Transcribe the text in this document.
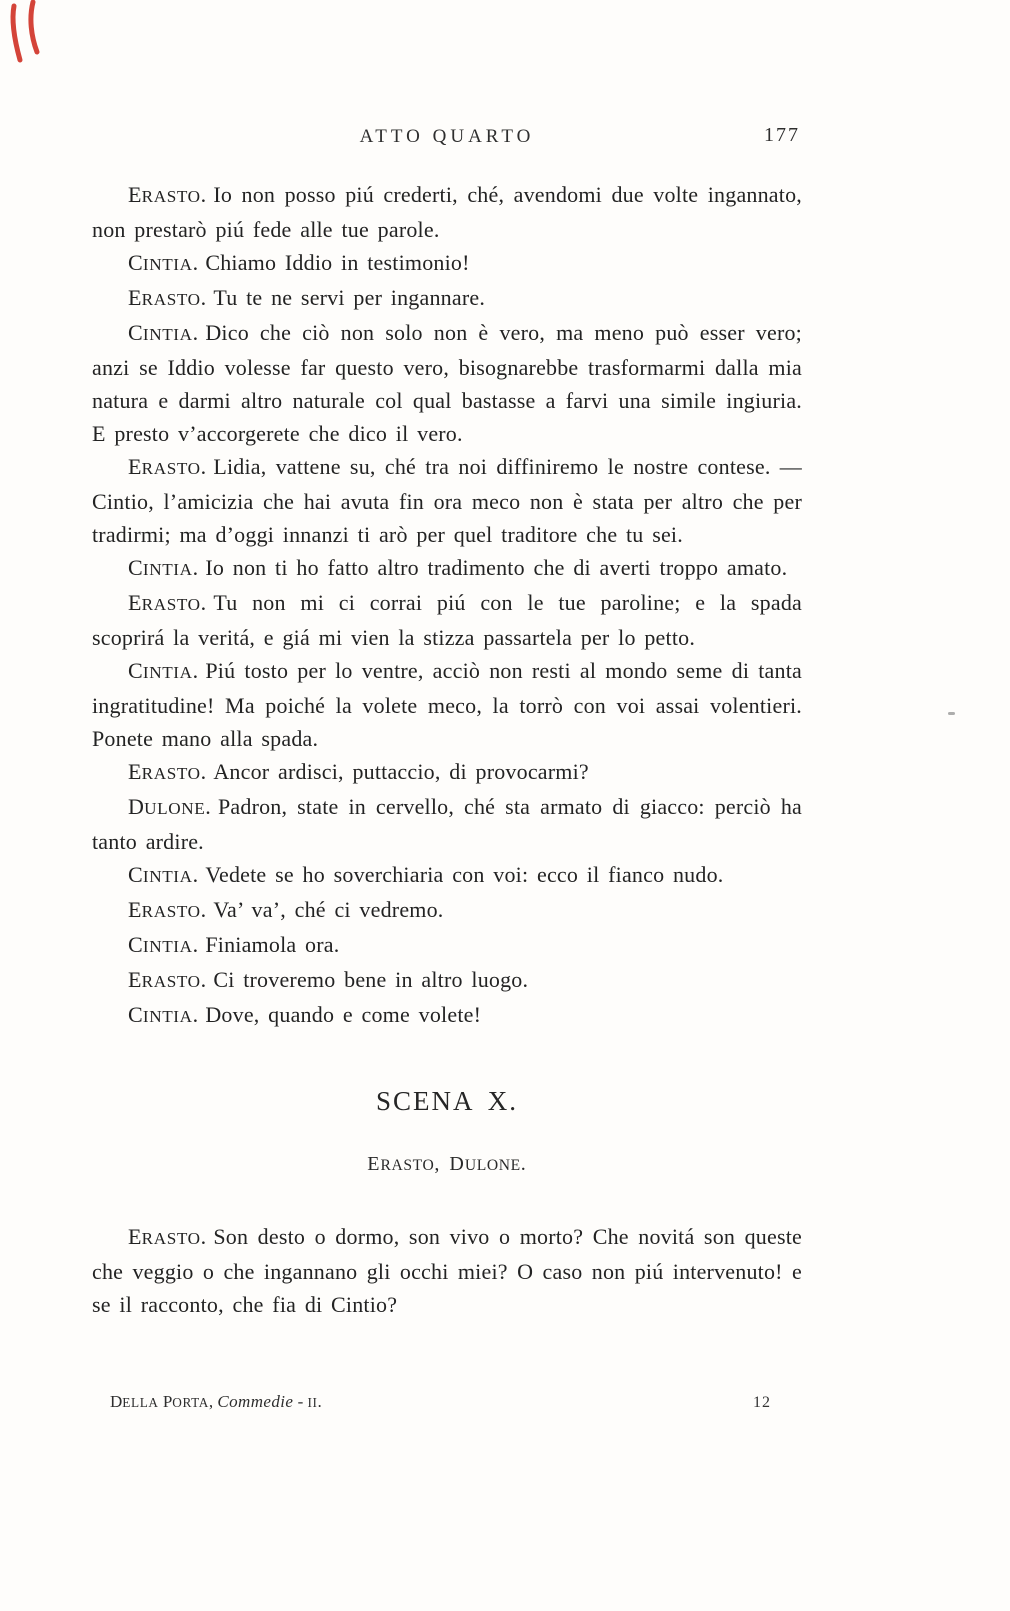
ATTO QUARTO	177

ERASTO. Io non posso piú crederti, ché, avendomi due volte ingannato, non prestarò piú fede alle tue parole.

CINTIA. Chiamo Iddio in testimonio!

ERASTO. Tu te ne servi per ingannare.

CINTIA. Dico che ciò non solo non è vero, ma meno può esser vero; anzi se Iddio volesse far questo vero, bisognarebbe trasformarmi dalla mia natura e darmi altro naturale col qual bastasse a farvi una simile ingiuria. E presto v’accorgerete che dico il vero.

ERASTO. Lidia, vattene su, ché tra noi diffiniremo le nostre contese. — Cintio, l’amicizia che hai avuta fin ora meco non è stata per altro che per tradirmi; ma d’oggi innanzi ti arò per quel traditore che tu sei.

CINTIA. Io non ti ho fatto altro tradimento che di averti troppo amato.

ERASTO. Tu non mi ci corrai piú con le tue paroline; e la spada scoprirá la veritá, e giá mi vien la stizza passartela per lo petto.

CINTIA. Piú tosto per lo ventre, acciò non resti al mondo seme di tanta ingratitudine! Ma poiché la volete meco, la torrò con voi assai volentieri. Ponete mano alla spada.

ERASTO. Ancor ardisci, puttaccio, di provocarmi?

DULONE. Padron, state in cervello, ché sta armato di giacco: perciò ha tanto ardire.

CINTIA. Vedete se ho soverchiaria con voi: ecco il fianco nudo.

ERASTO. Va’ va’, ché ci vedremo.

CINTIA. Finiamola ora.

ERASTO. Ci troveremo bene in altro luogo.

CINTIA. Dove, quando e come volete!

SCENA X.

ERASTO, DULONE.

ERASTO. Son desto o dormo, son vivo o morto? Che novitá son queste che veggio o che ingannano gli occhi miei? O caso non piú intervenuto! e se il racconto, che fia di Cintio?

DELLA PORTA, Commedie - II.	12
